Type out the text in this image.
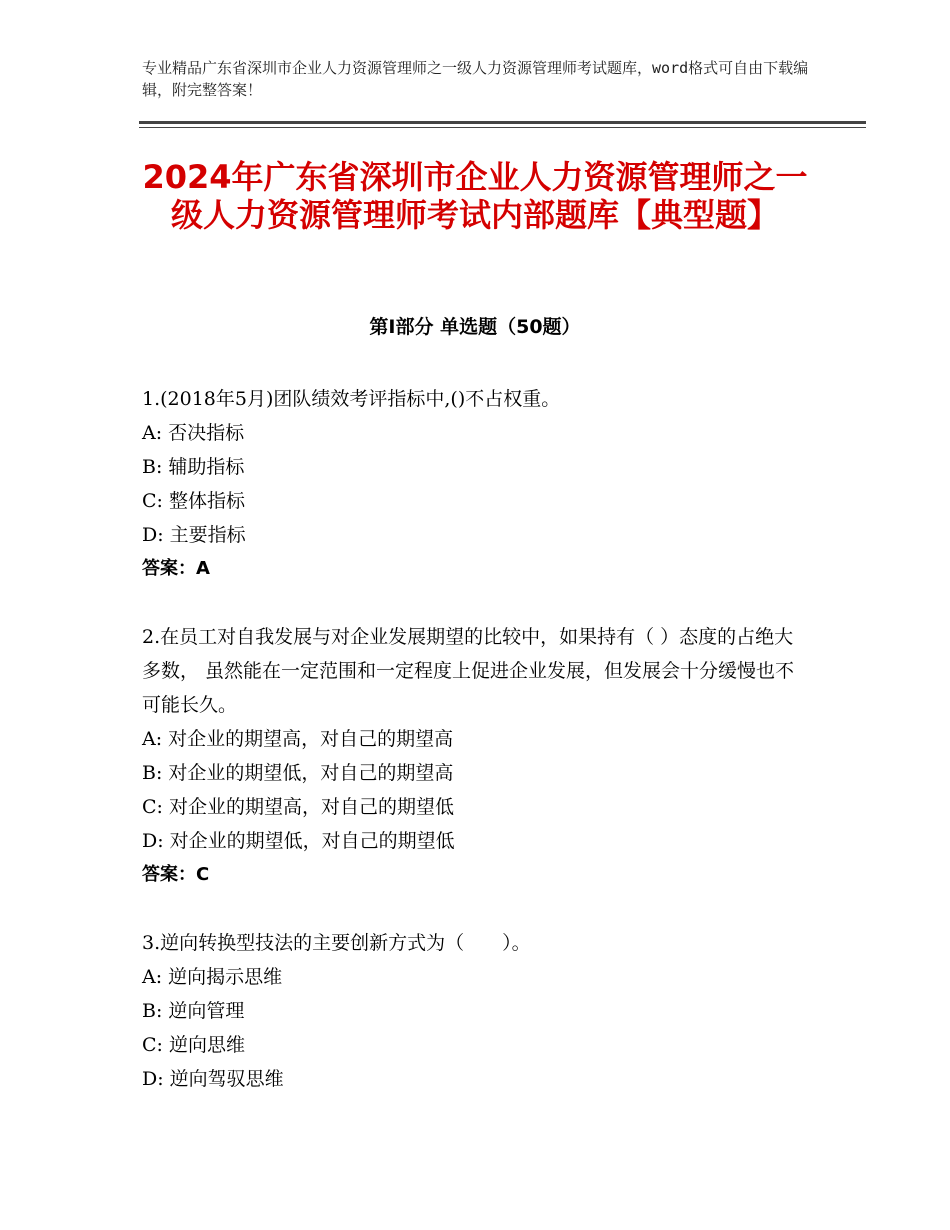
专业精品广东省深圳市企业人力资源管理师之一级人力资源管理师考试题库，word格式可自由下载编辑，附完整答案！
2024年广东省深圳市企业人力资源管理师之一级人力资源管理师考试内部题库【典型题】
第Ⅰ部分 单选题（50题）

1.(2018年5月)团队绩效考评指标中,()不占权重。

A: 否决指标

B: 辅助指标

C: 整体指标

D: 主要指标

答案：A

2.在员工对自我发展与对企业发展期望的比较中，如果持有（ ）态度的占绝大多数， 虽然能在一定范围和一定程度上促进企业发展，但发展会十分缓慢也不可能长久。

A: 对企业的期望高，对自己的期望高

B: 对企业的期望低，对自己的期望高

C: 对企业的期望高，对自己的期望低

D: 对企业的期望低，对自己的期望低

答案：C

3.逆向转换型技法的主要创新方式为（　　）。

A: 逆向揭示思维

B: 逆向管理

C: 逆向思维

D: 逆向驾驭思维
